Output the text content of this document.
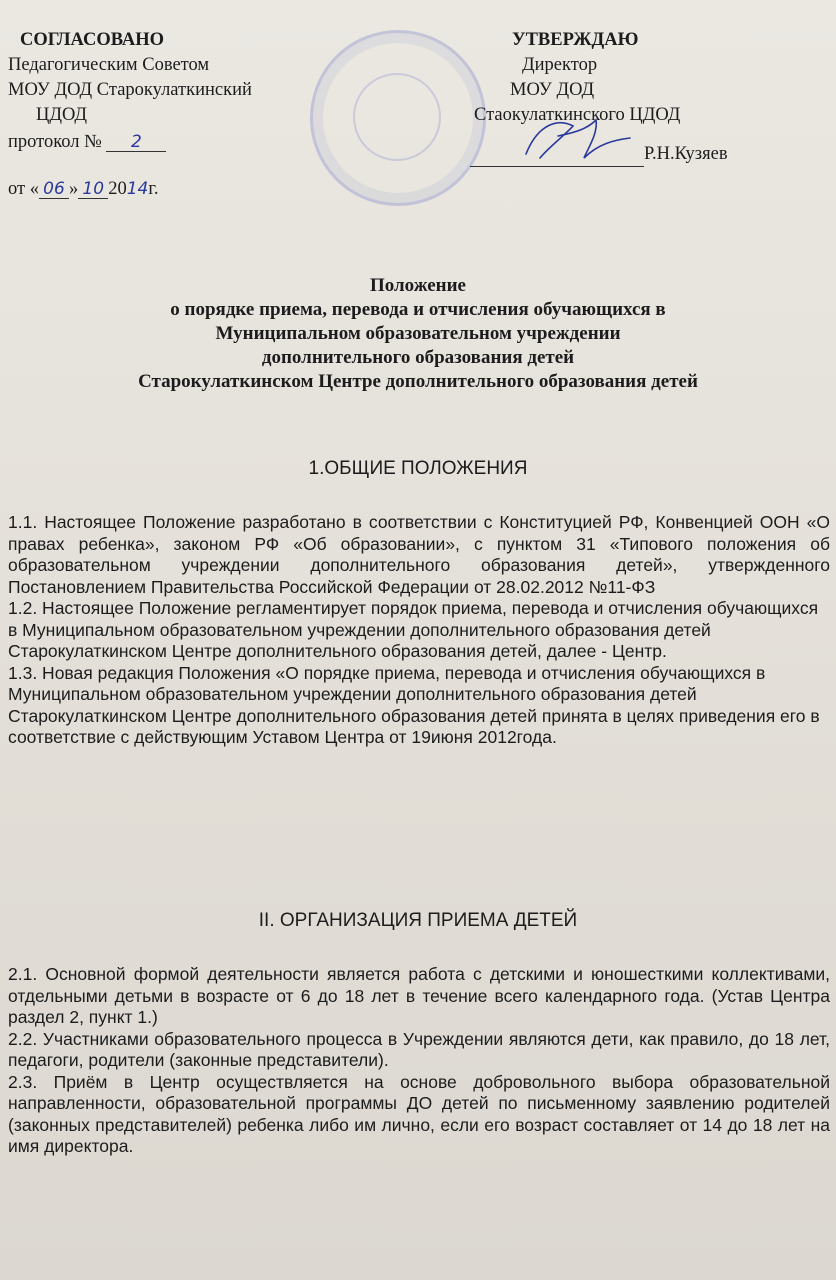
СОГЛАСОВАНО
Педагогическим Советом
МОУ ДОД Старокулаткинский
ЦДОД
протокол № 2
от « 06 » 10 2014г.
УТВЕРЖДАЮ
Директор
МОУ ДОД
Стаокулаткинского ЦДОД
Р.Н.Кузяев
Положение
о порядке приема, перевода и отчисления обучающихся в
Муниципальном образовательном учреждении
дополнительного образования детей
Старокулаткинском Центре дополнительного образования детей
1.ОБЩИЕ ПОЛОЖЕНИЯ

1.1. Настоящее Положение разработано в соответствии с Конституцией РФ, Конвенцией ООН «О правах ребенка», законом РФ «Об образовании», с пунктом 31 «Типового положения об образовательном учреждении дополнительного образования детей», утвержденного Постановлением Правительства Российской Федерации от 28.02.2012 №11-ФЗ

1.2. Настоящее Положение регламентирует порядок приема, перевода и отчисления обучающихся в Муниципальном образовательном учреждении дополнительного образования детей Старокулаткинском Центре дополнительного образования детей, далее - Центр.

1.3. Новая редакция Положения «О порядке приема, перевода и отчисления обучающихся в Муниципальном образовательном учреждении дополнительного образования детей Старокулаткинском Центре дополнительного образования детей принята в целях приведения его в соответствие с действующим Уставом Центра от 19июня 2012года.

II. ОРГАНИЗАЦИЯ ПРИЕМА ДЕТЕЙ

2.1. Основной формой деятельности является работа с детскими и юношесткими коллективами, отдельными детьми в возрасте от 6 до 18 лет в течение всего календарного года. (Устав Центра раздел 2, пункт 1.)

2.2. Участниками образовательного процесса в Учреждении являются дети, как правило, до 18 лет, педагоги, родители (законные представители).

2.3. Приём в Центр осуществляется на основе добровольного выбора образовательной направленности, образовательной программы ДО детей по письменному заявлению родителей (законных представителей) ребенка либо им лично, если его возраст составляет от 14 до 18 лет на имя директора.
